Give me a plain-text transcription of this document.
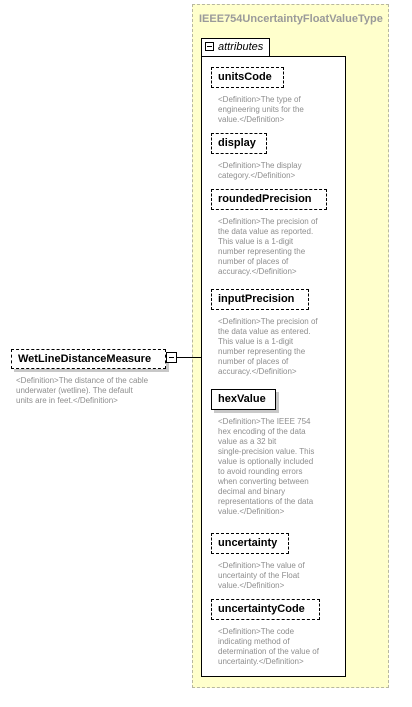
IEEE754UncertaintyFloatValueType
attributes
unitsCode
<Definition>The type of
engineering units for the
value.</Definition>
display
<Definition>The display
category.</Definition>
roundedPrecision
<Definition>The precision of
the data value as reported.
This value is a 1-digit
number representing the
number of places of
accuracy.</Definition>
inputPrecision
<Definition>The precision of
the data value as entered.
This value is a 1-digit
number representing the
number of places of
accuracy.</Definition>
hexValue
<Definition>The IEEE 754
hex encoding of the data
value as a 32 bit
single-precision value. This
value is optionally included
to avoid rounding errors
when converting between
decimal and binary
representations of the data
value.</Definition>
uncertainty
<Definition>The value of
uncertainty of the Float
value.</Definition>
uncertaintyCode
<Definition>The code
indicating method of
determination of the value of
uncertainty.</Definition>
WetLineDistanceMeasure
<Definition>The distance of the cable
underwater (wetline). The default
units are in feet.</Definition>
